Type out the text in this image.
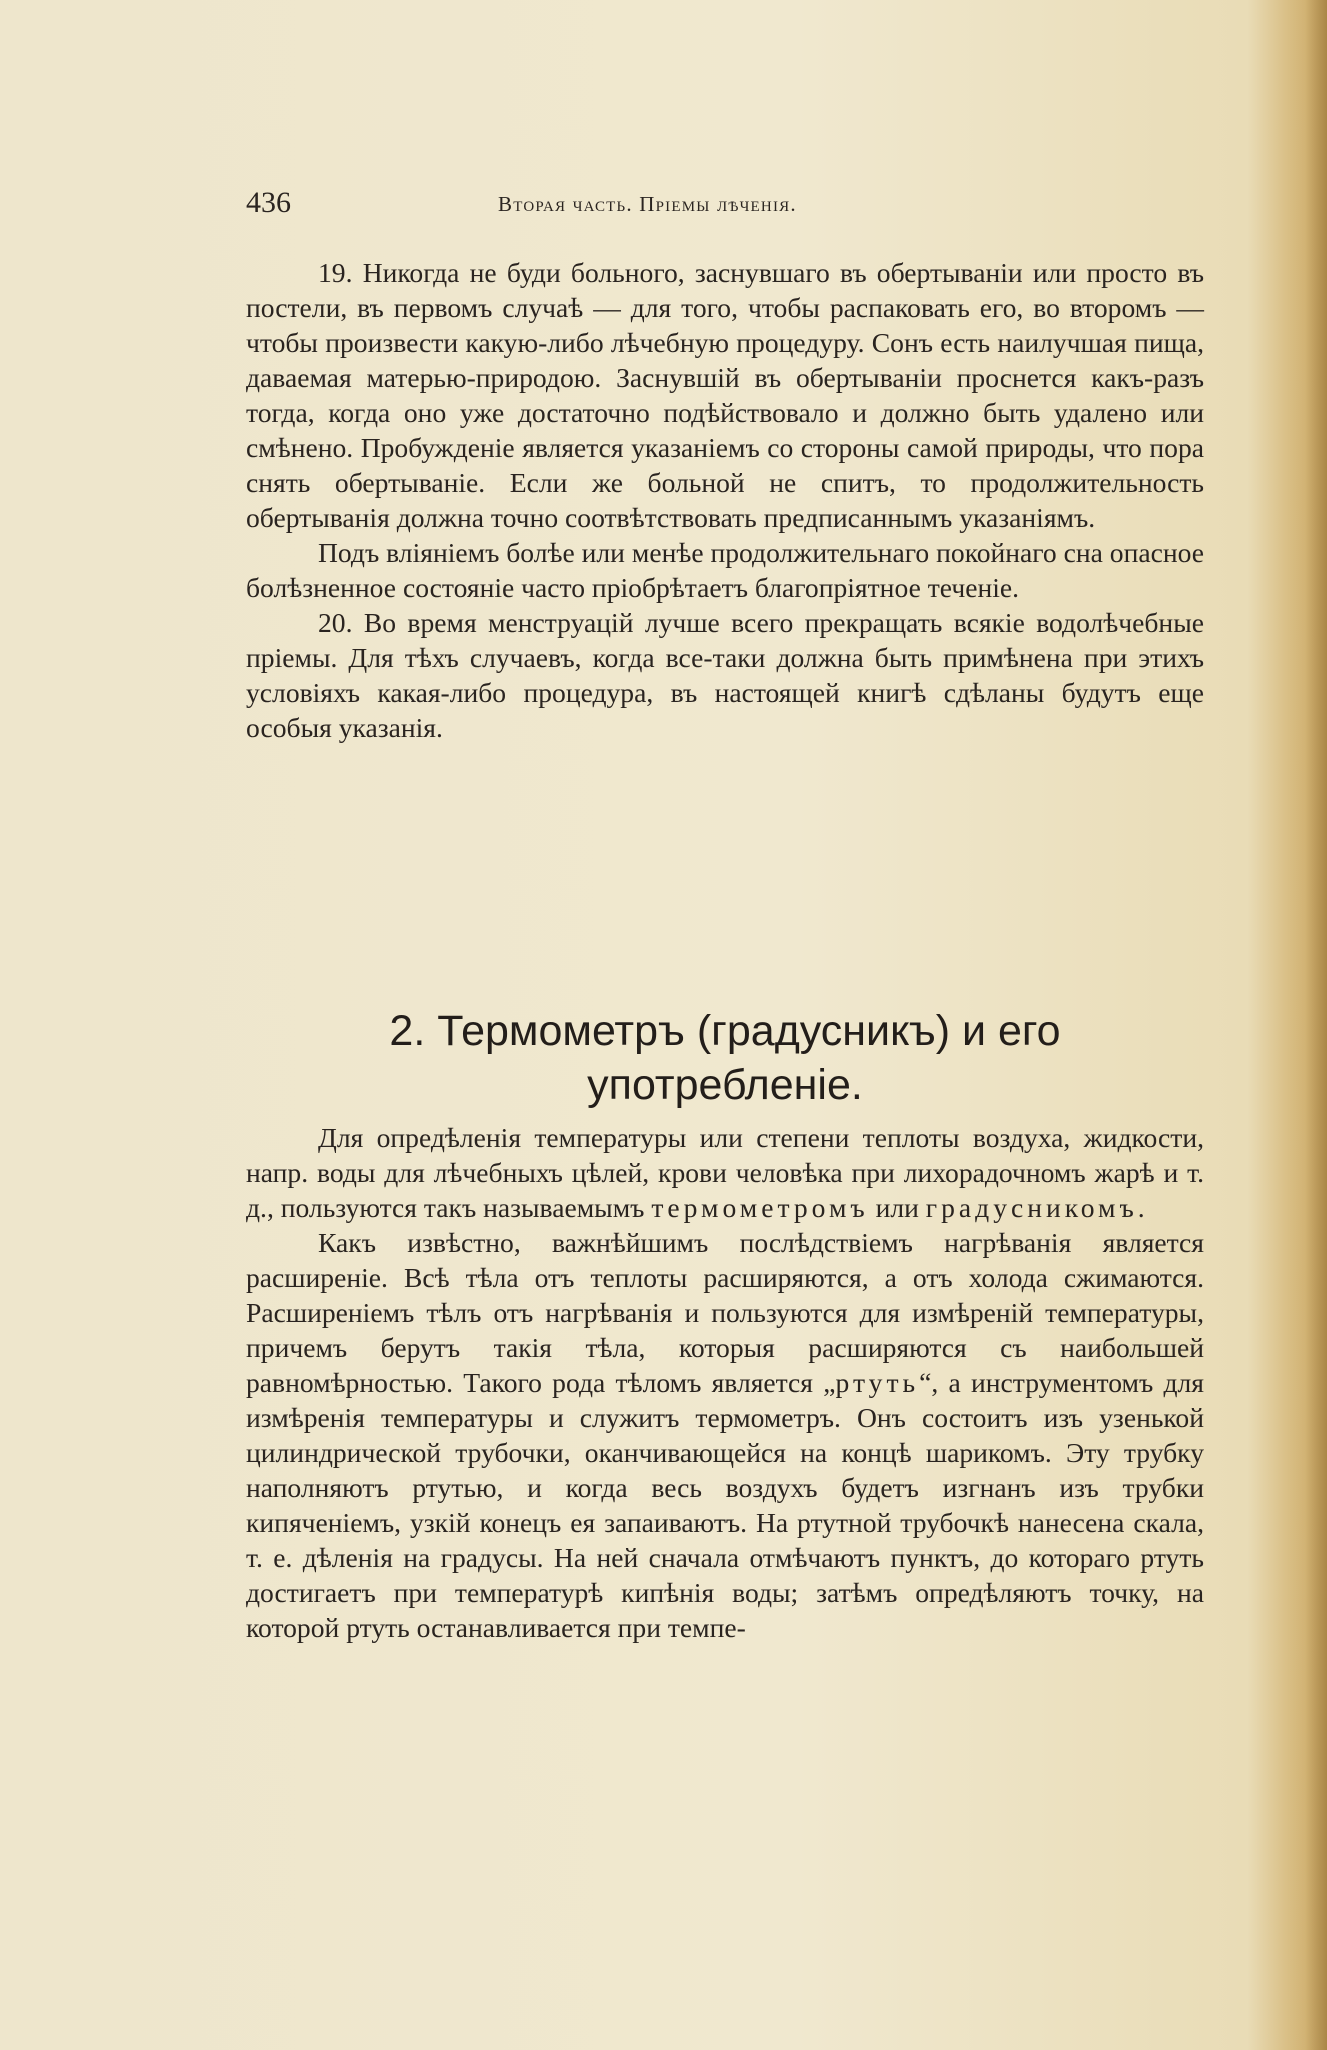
436	Вторая часть. Пріемы лѣченія.

19. Никогда не буди больного, заснувшаго въ обертываніи или просто въ постели, въ первомъ случаѣ — для того, чтобы распаковать его, во второмъ — чтобы произвести какую-либо лѣчебную процедуру. Сонъ есть наилучшая пища, даваемая матерью-природою. Заснувшій въ обертываніи проснется какъ-разъ тогда, когда оно уже достаточно подѣйствовало и должно быть удалено или смѣнено. Пробужденіе является указаніемъ со стороны самой природы, что пора снять обертываніе. Если же больной не спитъ, то продолжительность обертыванія должна точно соотвѣтствовать предписаннымъ указаніямъ.

Подъ вліяніемъ болѣе или менѣе продолжительнаго покойнаго сна опасное болѣзненное состояніе часто пріобрѣтаетъ благопріятное теченіе.

20. Во время менструацій лучше всего прекращать всякіе водолѣчебные пріемы. Для тѣхъ случаевъ, когда все-таки должна быть примѣнена при этихъ условіяхъ какая-либо процедура, въ настоящей книгѣ сдѣланы будутъ еще особыя указанія.

2. Термометръ (градусникъ) и его употребленіе.

Для опредѣленія температуры или степени теплоты воздуха, жидкости, напр. воды для лѣчебныхъ цѣлей, крови человѣка при лихорадочномъ жарѣ и т. д., пользуются такъ называемымъ термометромъ или градусникомъ.

Какъ извѣстно, важнѣйшимъ послѣдствіемъ нагрѣванія является расширеніе. Всѣ тѣла отъ теплоты расширяются, а отъ холода сжимаются. Расширеніемъ тѣлъ отъ нагрѣванія и пользуются для измѣреній температуры, причемъ берутъ такія тѣла, которыя расширяются съ наибольшей равномѣрностью. Такого рода тѣломъ является „ртуть“, а инструментомъ для измѣренія температуры и служитъ термометръ. Онъ состоитъ изъ узенькой цилиндрической трубочки, оканчивающейся на концѣ шарикомъ. Эту трубку наполняютъ ртутью, и когда весь воздухъ будетъ изгнанъ изъ трубки кипяченіемъ, узкій конецъ ея запаиваютъ. На ртутной трубочкѣ нанесена скала, т. е. дѣленія на градусы. На ней сначала отмѣчаютъ пунктъ, до котораго ртуть достигаетъ при температурѣ кипѣнія воды; затѣмъ опредѣляютъ точку, на которой ртуть останавливается при темпе-
